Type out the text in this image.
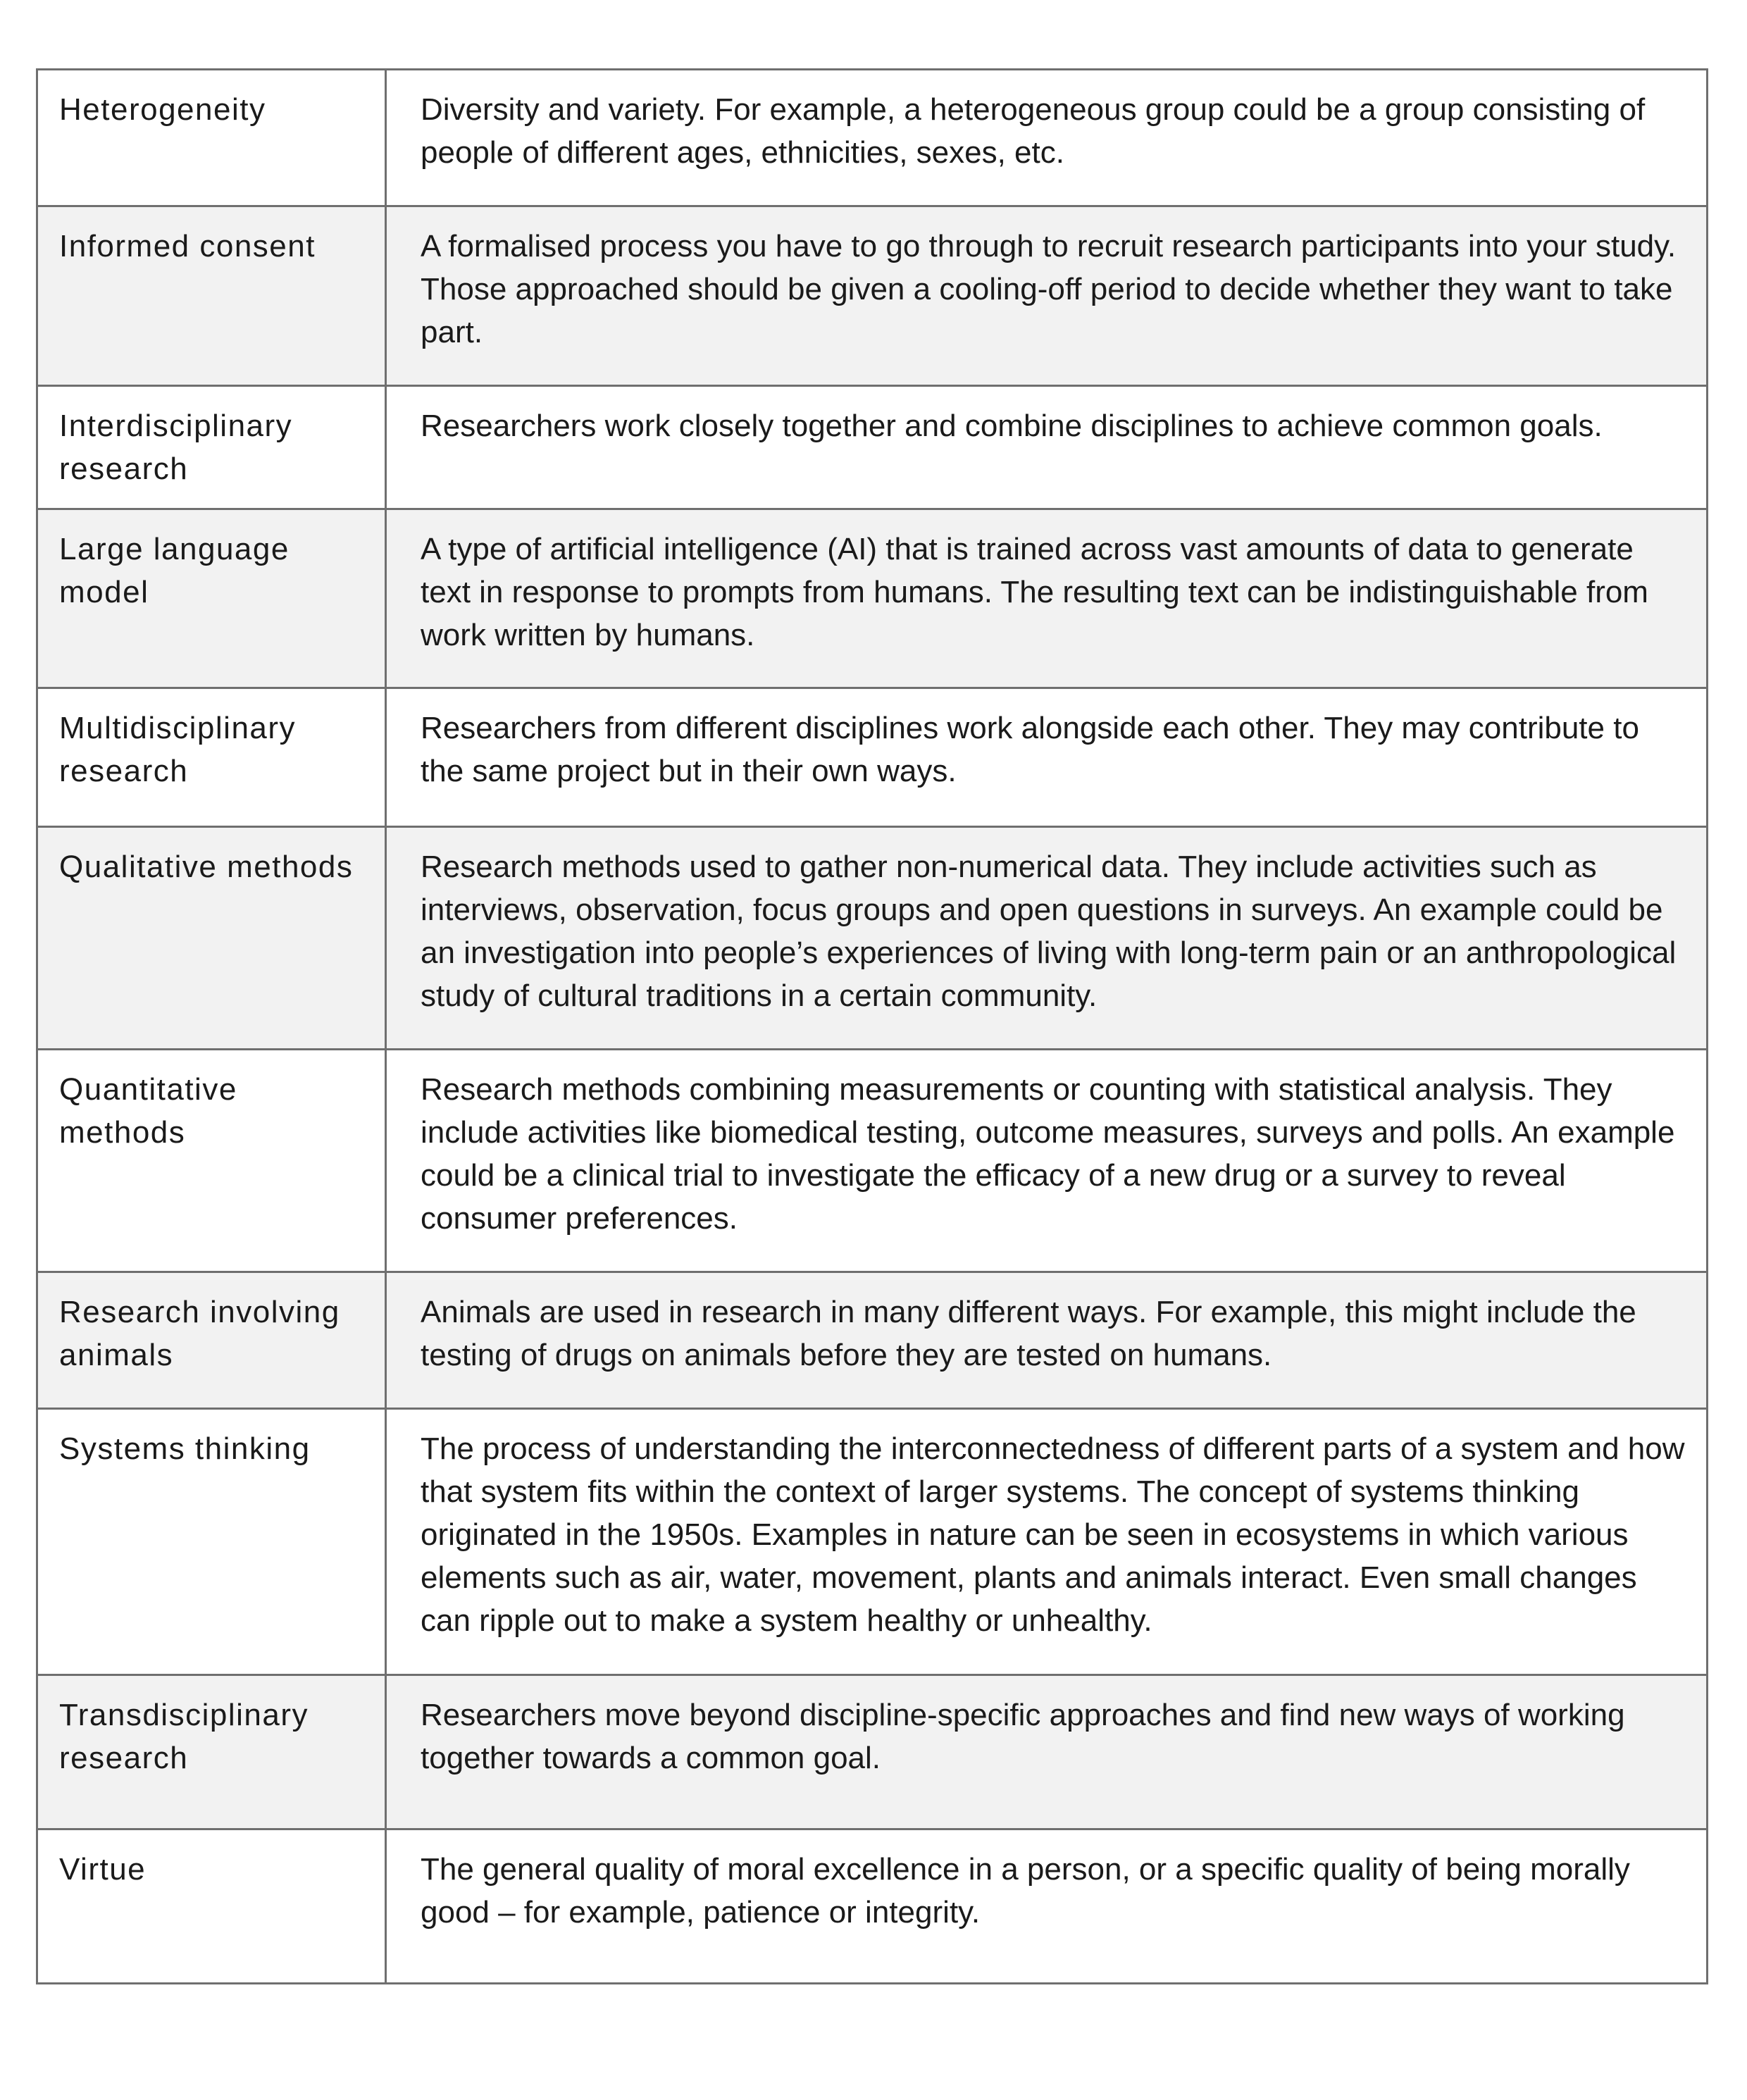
Heterogeneity	Diversity and variety. For example, a heterogeneous group could be a group consisting of people of different ages, ethnicities, sexes, etc.
Informed consent	A formalised process you have to go through to recruit research participants into your study. Those approached should be given a cooling-off period to decide whether they want to take part.
Interdisciplinary research	Researchers work closely together and combine disciplines to achieve common goals.
Large language model	A type of artificial intelligence (AI) that is trained across vast amounts of data to generate text in response to prompts from humans. The resulting text can be indistinguishable from work written by humans.
Multidisciplinary research	Researchers from different disciplines work alongside each other. They may contribute to the same project but in their own ways.
Qualitative methods	Research methods used to gather non-numerical data. They include activities such as interviews, observation, focus groups and open questions in surveys. An example could be an investigation into people’s experiences of living with long-term pain or an anthropological study of cultural traditions in a certain community.
Quantitative methods	Research methods combining measurements or counting with statistical analysis. They include activities like biomedical testing, outcome measures, surveys and polls. An example could be a clinical trial to investigate the efficacy of a new drug or a survey to reveal consumer preferences.
Research involving animals	Animals are used in research in many different ways. For example, this might include the testing of drugs on animals before they are tested on humans.
Systems thinking	The process of understanding the interconnectedness of different parts of a system and how that system fits within the context of larger systems. The concept of systems thinking originated in the 1950s. Examples in nature can be seen in ecosystems in which various elements such as air, water, movement, plants and animals interact. Even small changes can ripple out to make a system healthy or unhealthy.
Transdisciplinary research	Researchers move beyond discipline-specific approaches and find new ways of working together towards a common goal.
Virtue	The general quality of moral excellence in a person, or a specific quality of being morally good – for example, patience or integrity.
